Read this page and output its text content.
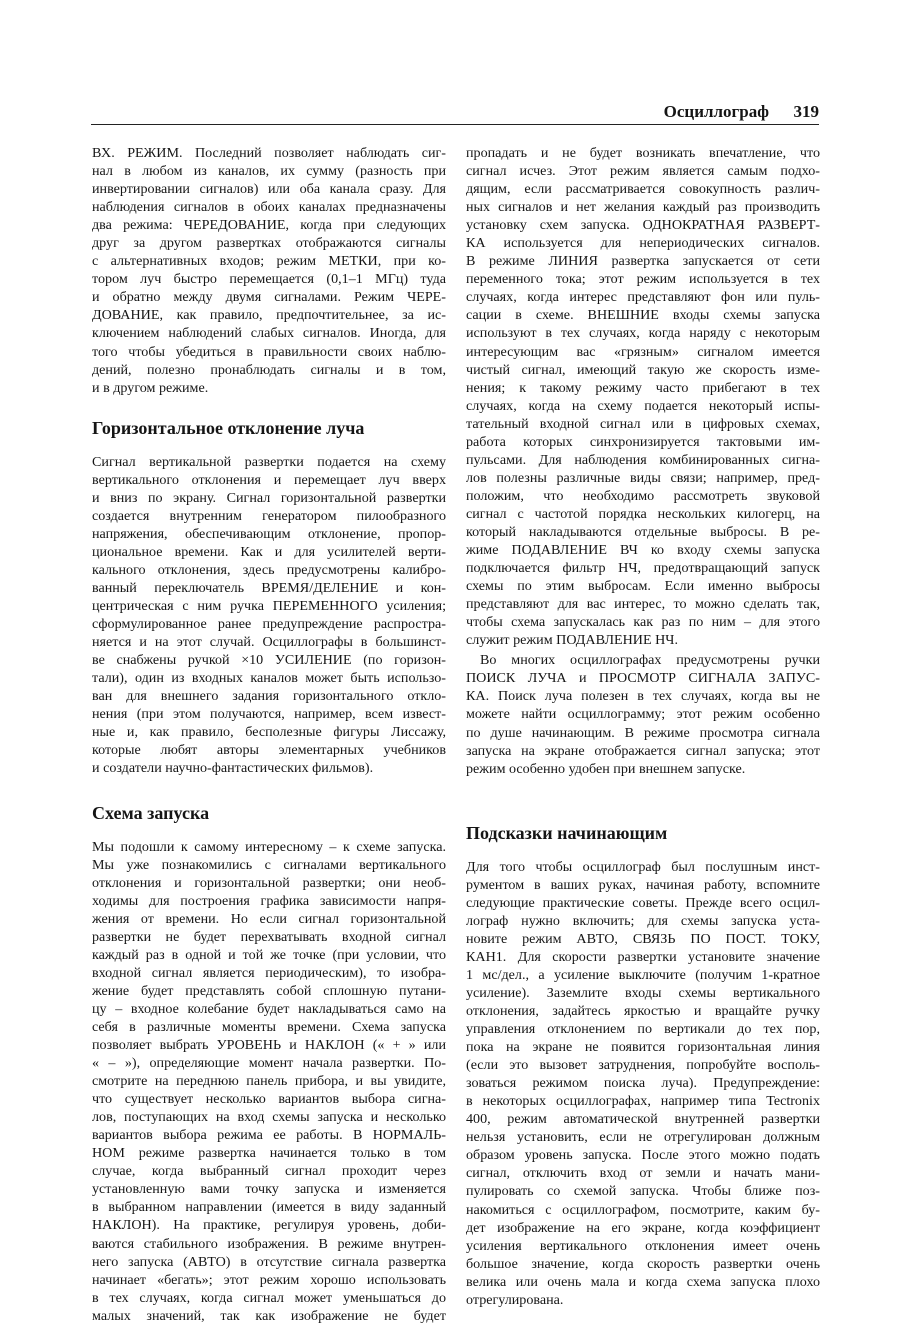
Осциллограф 319
ВХ. РЕЖИМ. Последний позволяет наблюдать сиг-
нал в любом из каналов, их сумму (разность при
инвертировании сигналов) или оба канала сразу. Для
наблюдения сигналов в обоих каналах предназначены
два режима: ЧЕРЕДОВАНИЕ, когда при следующих
друг за другом развертках отображаются сигналы
с альтернативных входов; режим МЕТКИ, при ко-
тором луч быстро перемещается (0,1–1 МГц) туда
и обратно между двумя сигналами. Режим ЧЕРЕ-
ДОВАНИЕ, как правило, предпочтительнее, за ис-
ключением наблюдений слабых сигналов. Иногда, для
того чтобы убедиться в правильности своих наблю-
дений, полезно пронаблюдать сигналы и в том,
и в другом режиме.
Горизонтальное отклонение луча
Сигнал вертикальной развертки подается на схему
вертикального отклонения и перемещает луч вверх
и вниз по экрану. Сигнал горизонтальной развертки
создается внутренним генератором пилообразного
напряжения, обеспечивающим отклонение, пропор-
циональное времени. Как и для усилителей верти-
кального отклонения, здесь предусмотрены калибро-
ванный переключатель ВРЕМЯ/ДЕЛЕНИЕ и кон-
центрическая с ним ручка ПЕРЕМЕННОГО усиления;
сформулированное ранее предупреждение распростра-
няется и на этот случай. Осциллографы в большинст-
ве снабжены ручкой ×10 УСИЛЕНИЕ (по горизон-
тали), один из входных каналов может быть использо-
ван для внешнего задания горизонтального откло-
нения (при этом получаются, например, всем извест-
ные и, как правило, бесполезные фигуры Лиссажу,
которые любят авторы элементарных учебников
и создатели научно-фантастических фильмов).
Схема запуска
Мы подошли к самому интересному – к схеме запуска.
Мы уже познакомились с сигналами вертикального
отклонения и горизонтальной развертки; они необ-
ходимы для построения графика зависимости напря-
жения от времени. Но если сигнал горизонтальной
развертки не будет перехватывать входной сигнал
каждый раз в одной и той же точке (при условии, что
входной сигнал является периодическим), то изобра-
жение будет представлять собой сплошную путани-
цу – входное колебание будет накладываться само на
себя в различные моменты времени. Схема запуска
позволяет выбрать УРОВЕНЬ и НАКЛОН (« + » или
« – »), определяющие момент начала развертки. По-
смотрите на переднюю панель прибора, и вы увидите,
что существует несколько вариантов выбора сигна-
лов, поступающих на вход схемы запуска и несколько
вариантов выбора режима ее работы. В НОРМАЛЬ-
НОМ режиме развертка начинается только в том
случае, когда выбранный сигнал проходит через
установленную вами точку запуска и изменяется
в выбранном направлении (имеется в виду заданный
НАКЛОН). На практике, регулируя уровень, доби-
ваются стабильного изображения. В режиме внутрен-
него запуска (АВТО) в отсутствие сигнала развертка
начинает «бегать»; этот режим хорошо использовать
в тех случаях, когда сигнал может уменьшаться до
малых значений, так как изображение не будет
пропадать и не будет возникать впечатление, что
сигнал исчез. Этот режим является самым подхо-
дящим, если рассматривается совокупность различ-
ных сигналов и нет желания каждый раз производить
установку схем запуска. ОДНОКРАТНАЯ РАЗВЕРТ-
КА используется для непериодических сигналов.
В режиме ЛИНИЯ развертка запускается от сети
переменного тока; этот режим используется в тех
случаях, когда интерес представляют фон или пуль-
сации в схеме. ВНЕШНИЕ входы схемы запуска
используют в тех случаях, когда наряду с некоторым
интересующим вас «грязным» сигналом имеется
чистый сигнал, имеющий такую же скорость изме-
нения; к такому режиму часто прибегают в тех
случаях, когда на схему подается некоторый испы-
тательный входной сигнал или в цифровых схемах,
работа которых синхронизируется тактовыми им-
пульсами. Для наблюдения комбинированных сигна-
лов полезны различные виды связи; например, пред-
положим, что необходимо рассмотреть звуковой
сигнал с частотой порядка нескольких килогерц, на
который накладываются отдельные выбросы. В ре-
жиме ПОДАВЛЕНИЕ ВЧ ко входу схемы запуска
подключается фильтр НЧ, предотвращающий запуск
схемы по этим выбросам. Если именно выбросы
представляют для вас интерес, то можно сделать так,
чтобы схема запускалась как раз по ним – для этого
служит режим ПОДАВЛЕНИЕ НЧ.
Во многих осциллографах предусмотрены ручки
ПОИСК ЛУЧА и ПРОСМОТР СИГНАЛА ЗАПУС-
КА. Поиск луча полезен в тех случаях, когда вы не
можете найти осциллограмму; этот режим особенно
по душе начинающим. В режиме просмотра сигнала
запуска на экране отображается сигнал запуска; этот
режим особенно удобен при внешнем запуске.
Подсказки начинающим
Для того чтобы осциллограф был послушным инст-
рументом в ваших руках, начиная работу, вспомните
следующие практические советы. Прежде всего осцил-
лограф нужно включить; для схемы запуска уста-
новите режим АВТО, СВЯЗЬ ПО ПОСТ. ТОКУ,
КАН1. Для скорости развертки установите значение
1 мс/дел., а усиление выключите (получим 1-кратное
усиление). Заземлите входы схемы вертикального
отклонения, задайтесь яркостью и вращайте ручку
управления отклонением по вертикали до тех пор,
пока на экране не появится горизонтальная линия
(если это вызовет затруднения, попробуйте восполь-
зоваться режимом поиска луча). Предупреждение:
в некоторых осциллографах, например типа Tectronix
400, режим автоматической внутренней развертки
нельзя установить, если не отрегулирован должным
образом уровень запуска. После этого можно подать
сигнал, отключить вход от земли и начать мани-
пулировать со схемой запуска. Чтобы ближе поз-
накомиться с осциллографом, посмотрите, каким бу-
дет изображение на его экране, когда коэффициент
усиления вертикального отклонения имеет очень
большое значение, когда скорость развертки очень
велика или очень мала и когда схема запуска плохо
отрегулирована.
